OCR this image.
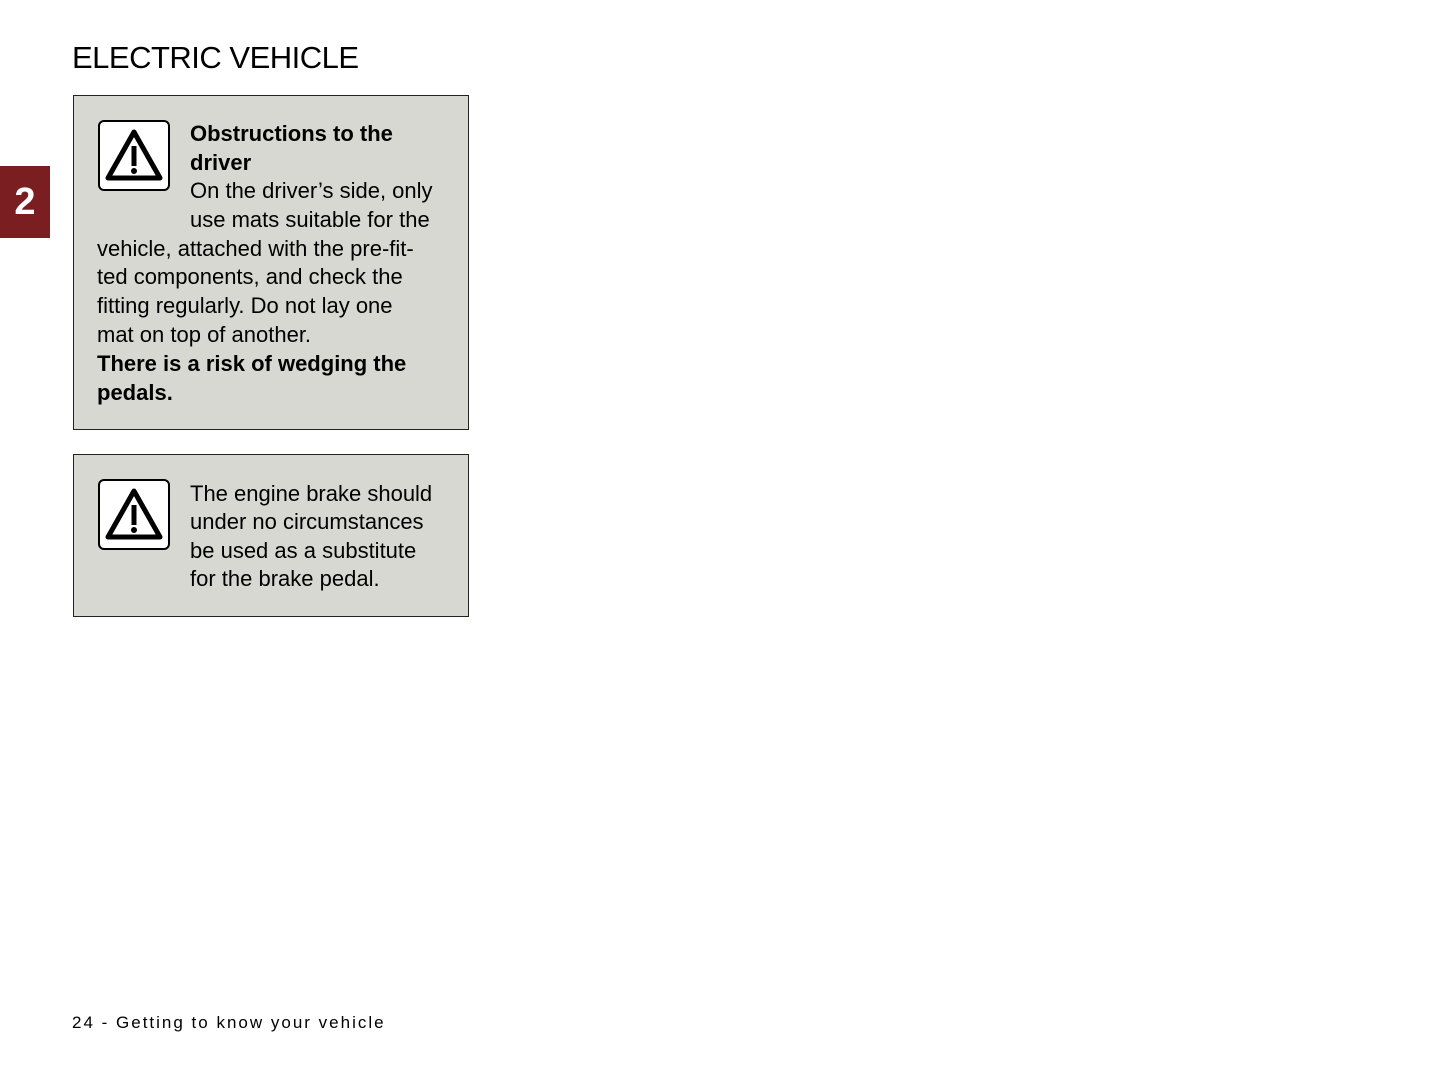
ELECTRIC VEHICLE
2
Obstructions to the
driver
On the driver’s side, only
use mats suitable for the
vehicle, attached with the pre-fit-
ted components, and check the
fitting regularly. Do not lay one
mat on top of another.
There is a risk of wedging the
pedals.
The engine brake should
under no circumstances
be used as a substitute
for the brake pedal.
24 - Getting to know your vehicle
